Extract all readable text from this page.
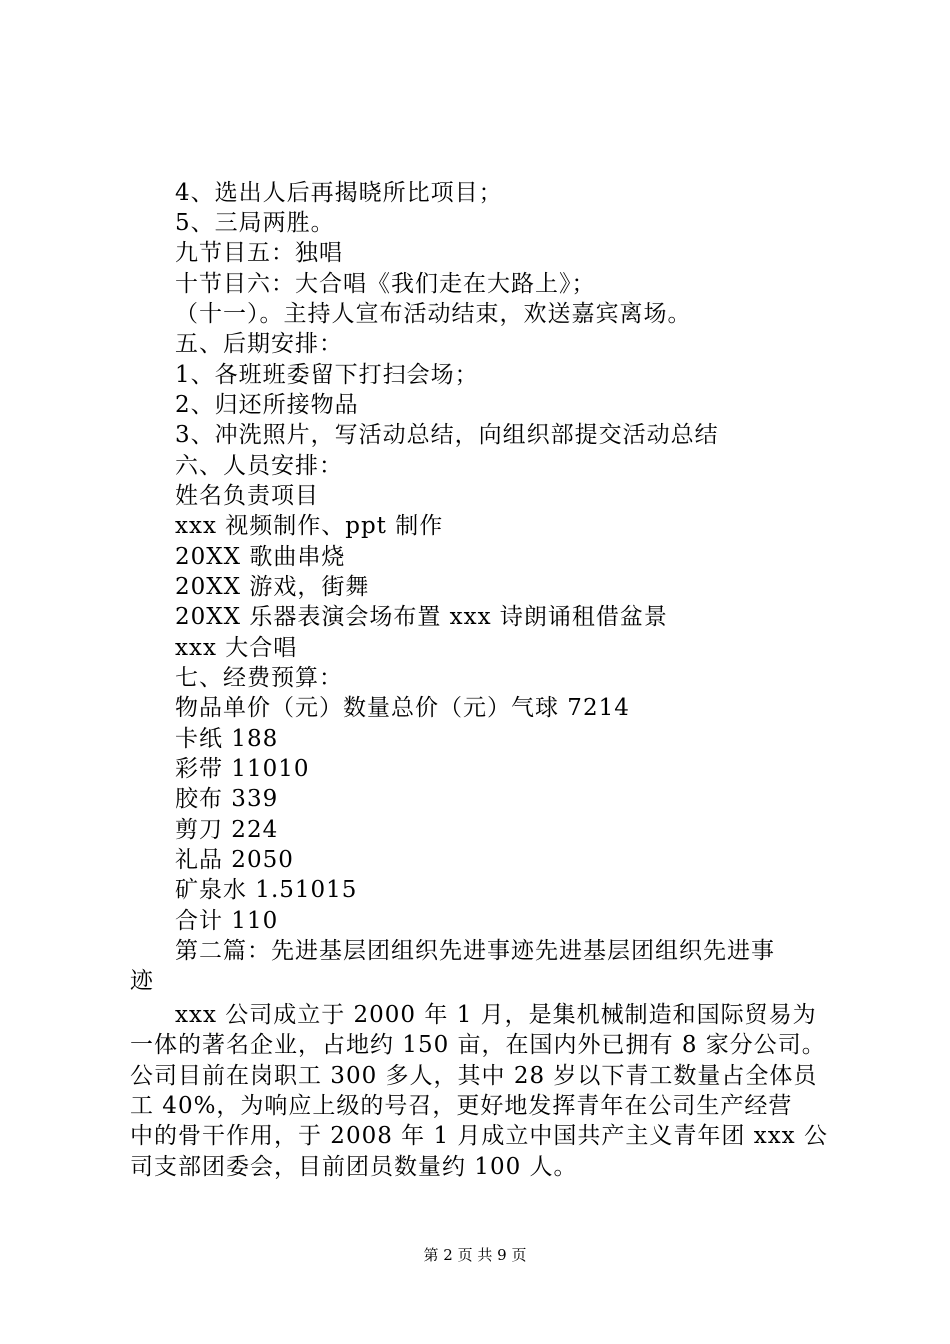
4、选出人后再揭晓所比项目；
5、三局两胜。
九节目五：独唱
十节目六：大合唱《我们走在大路上》；
（十一）。主持人宣布活动结束，欢送嘉宾离场。
五、后期安排：
1、各班班委留下打扫会场；
2、归还所接物品
3、冲洗照片，写活动总结，向组织部提交活动总结
六、人员安排：
姓名负责项目
xxx 视频制作、ppt 制作
20XX 歌曲串烧
20XX 游戏，街舞
20XX 乐器表演会场布置 xxx 诗朗诵租借盆景
xxx 大合唱
七、经费预算：
物品单价（元）数量总价（元）气球 7214
卡纸 188
彩带 11010
胶布 339
剪刀 224
礼品 2050
矿泉水 1.51015
合计 110
第二篇：先进基层团组织先进事迹先进基层团组织先进事
迹
xxx 公司成立于 2000 年 1 月，是集机械制造和国际贸易为
一体的著名企业，占地约 150 亩，在国内外已拥有 8 家分公司。
公司目前在岗职工 300 多人，其中 28 岁以下青工数量占全体员
工 40%，为响应上级的号召，更好地发挥青年在公司生产经营
中的骨干作用，于 2008 年 1 月成立中国共产主义青年团 xxx 公
司支部团委会，目前团员数量约 100 人。
第 2 页 共 9 页
